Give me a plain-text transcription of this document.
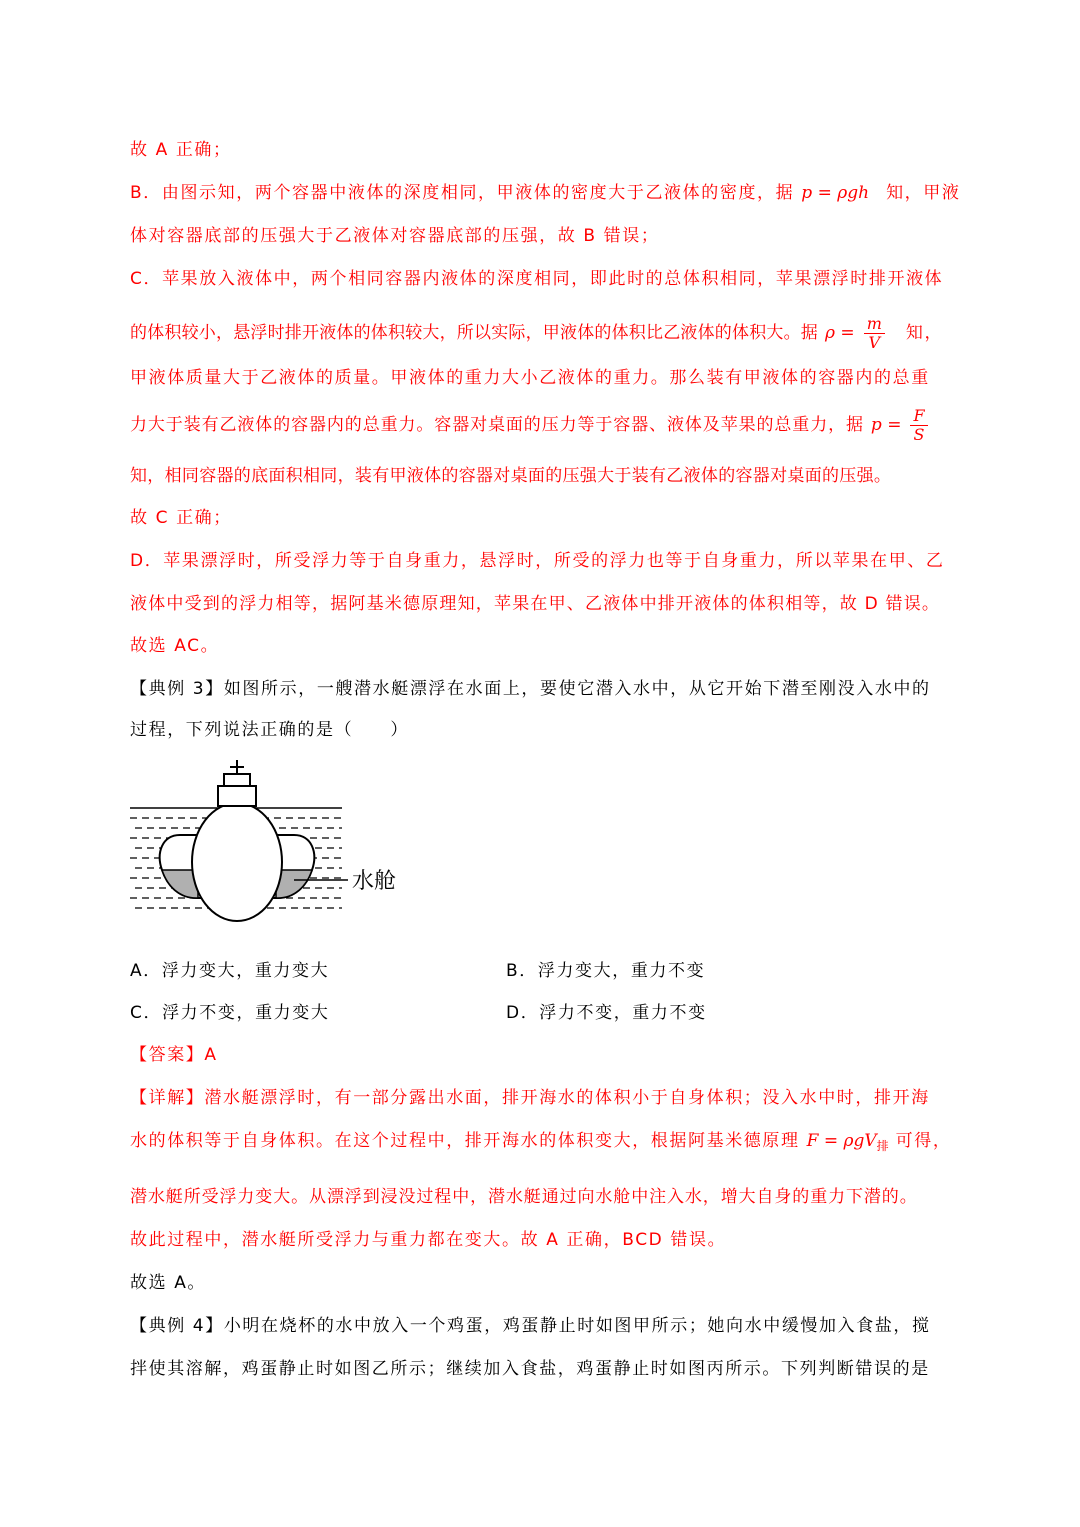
故 A 正确；
B．由图示知，两个容器中液体的深度相同，甲液体的密度大于乙液体的密度，据 p = ρgh 知，甲液
体对容器底部的压强大于乙液体对容器底部的压强，故 B 错误；
C．苹果放入液体中，两个相同容器内液体的深度相同，即此时的总体积相同，苹果漂浮时排开液体
的体积较小，悬浮时排开液体的体积较大，所以实际，甲液体的体积比乙液体的体积大。据 $\rho = \frac{m}{V}$ 知，
甲液体质量大于乙液体的质量。甲液体的重力大小乙液体的重力。那么装有甲液体的容器内的总重
力大于装有乙液体的容器内的总重力。容器对桌面的压力等于容器、液体及苹果的总重力，据 $p = \frac{F}{S}$
知，相同容器的底面积相同，装有甲液体的容器对桌面的压强大于装有乙液体的容器对桌面的压强。
故 C 正确；
D．苹果漂浮时，所受浮力等于自身重力，悬浮时，所受的浮力也等于自身重力，所以苹果在甲、乙
液体中受到的浮力相等，据阿基米德原理知，苹果在甲、乙液体中排开液体的体积相等，故 D 错误。
故选 AC。
【典例 3】如图所示，一艘潜水艇漂浮在水面上，要使它潜入水中，从它开始下潜至刚没入水中的
过程，下列说法正确的是（　　）
水舱
A．浮力变大，重力变大	B．浮力变大，重力不变
C．浮力不变，重力变大	D．浮力不变，重力不变
【答案】A
【详解】潜水艇漂浮时，有一部分露出水面，排开海水的体积小于自身体积；没入水中时，排开海
水的体积等于自身体积。在这个过程中，排开海水的体积变大，根据阿基米德原理 F = ρgV$_排$ 可得，
潜水艇所受浮力变大。从漂浮到浸没过程中，潜水艇通过向水舱中注入水，增大自身的重力下潜的。
故此过程中，潜水艇所受浮力与重力都在变大。故 A 正确，BCD 错误。
故选 A。
【典例 4】小明在烧杯的水中放入一个鸡蛋，鸡蛋静止时如图甲所示；她向水中缓慢加入食盐，搅
拌使其溶解，鸡蛋静止时如图乙所示；继续加入食盐，鸡蛋静止时如图丙所示。下列判断错误的是
